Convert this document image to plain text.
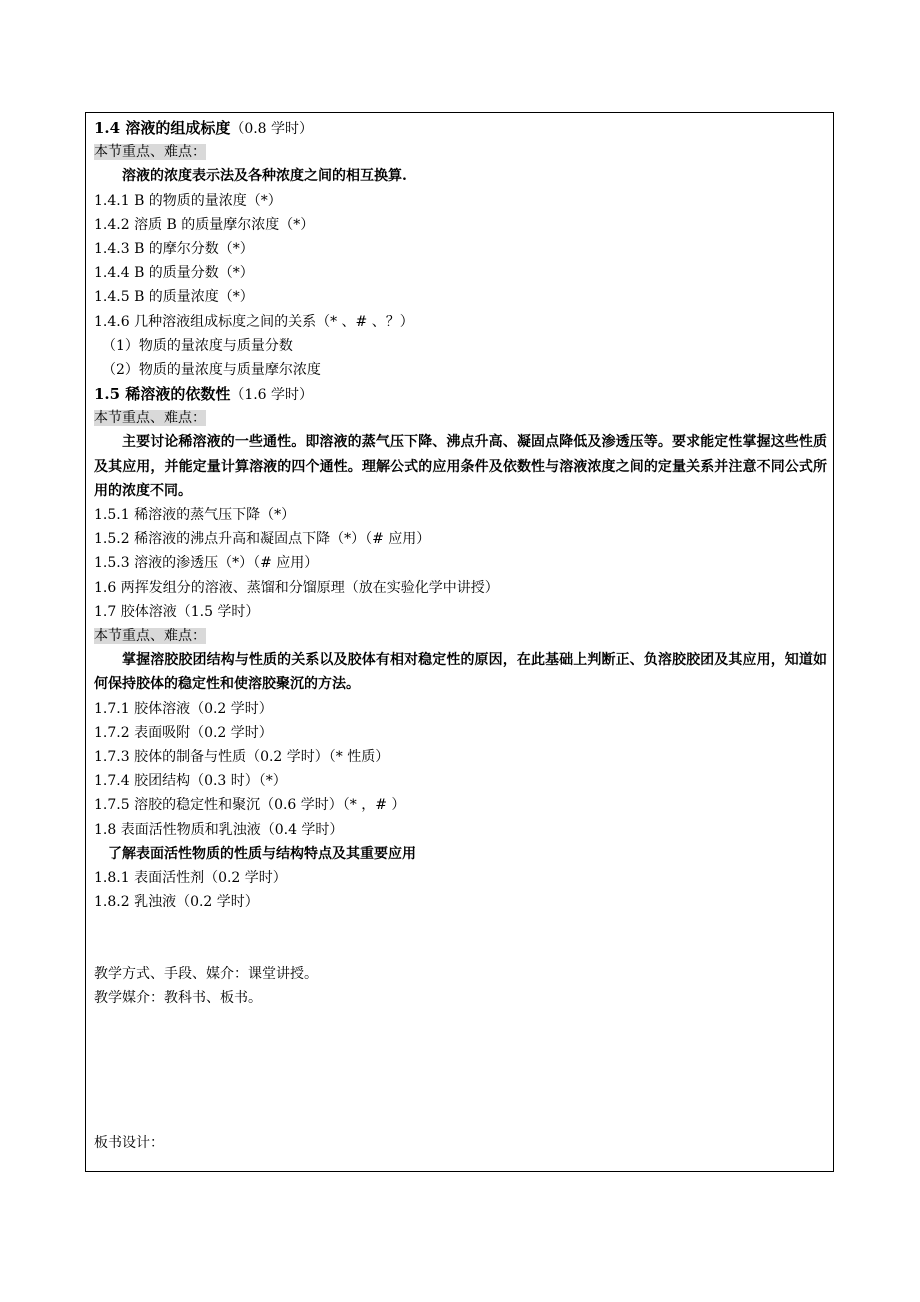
1.4 溶液的组成标度（0.8 学时）
本节重点、难点：
溶液的浓度表示法及各种浓度之间的相互换算.
1.4.1 B 的物质的量浓度（*）
1.4.2 溶质 B 的质量摩尔浓度（*）
1.4.3 B 的摩尔分数（*）
1.4.4 B 的质量分数（*）
1.4.5 B 的质量浓度（*）
1.4.6 几种溶液组成标度之间的关系（* 、# 、？）
（1）物质的量浓度与质量分数
（2）物质的量浓度与质量摩尔浓度
1.5 稀溶液的依数性（1.6 学时）
本节重点、难点：
主要讨论稀溶液的一些通性。即溶液的蒸气压下降、沸点升高、凝固点降低及渗透压等。要求能定性掌握这些性质及其应用，并能定量计算溶液的四个通性。理解公式的应用条件及依数性与溶液浓度之间的定量关系并注意不同公式所用的浓度不同。
1.5.1 稀溶液的蒸气压下降（*）
1.5.2 稀溶液的沸点升高和凝固点下降（*）（# 应用）
1.5.3 溶液的渗透压（*）（# 应用）
1.6 两挥发组分的溶液、蒸馏和分馏原理（放在实验化学中讲授）
1.7 胶体溶液（1.5 学时）
本节重点、难点：
掌握溶胶胶团结构与性质的关系以及胶体有相对稳定性的原因，在此基础上判断正、负溶胶胶团及其应用，知道如何保持胶体的稳定性和使溶胶聚沉的方法。
1.7.1 胶体溶液（0.2 学时）
1.7.2 表面吸附（0.2 学时）
1.7.3 胶体的制备与性质（0.2 学时）（* 性质）
1.7.4 胶团结构（0.3 时）（*）
1.7.5 溶胶的稳定性和聚沉（0.6 学时）（* ，# ）
1.8 表面活性物质和乳浊液（0.4 学时）
了解表面活性物质的性质与结构特点及其重要应用
1.8.1 表面活性剂（0.2 学时）
1.8.2 乳浊液（0.2 学时）
教学方式、手段、媒介：课堂讲授。
教学媒介：教科书、板书。
板书设计：
